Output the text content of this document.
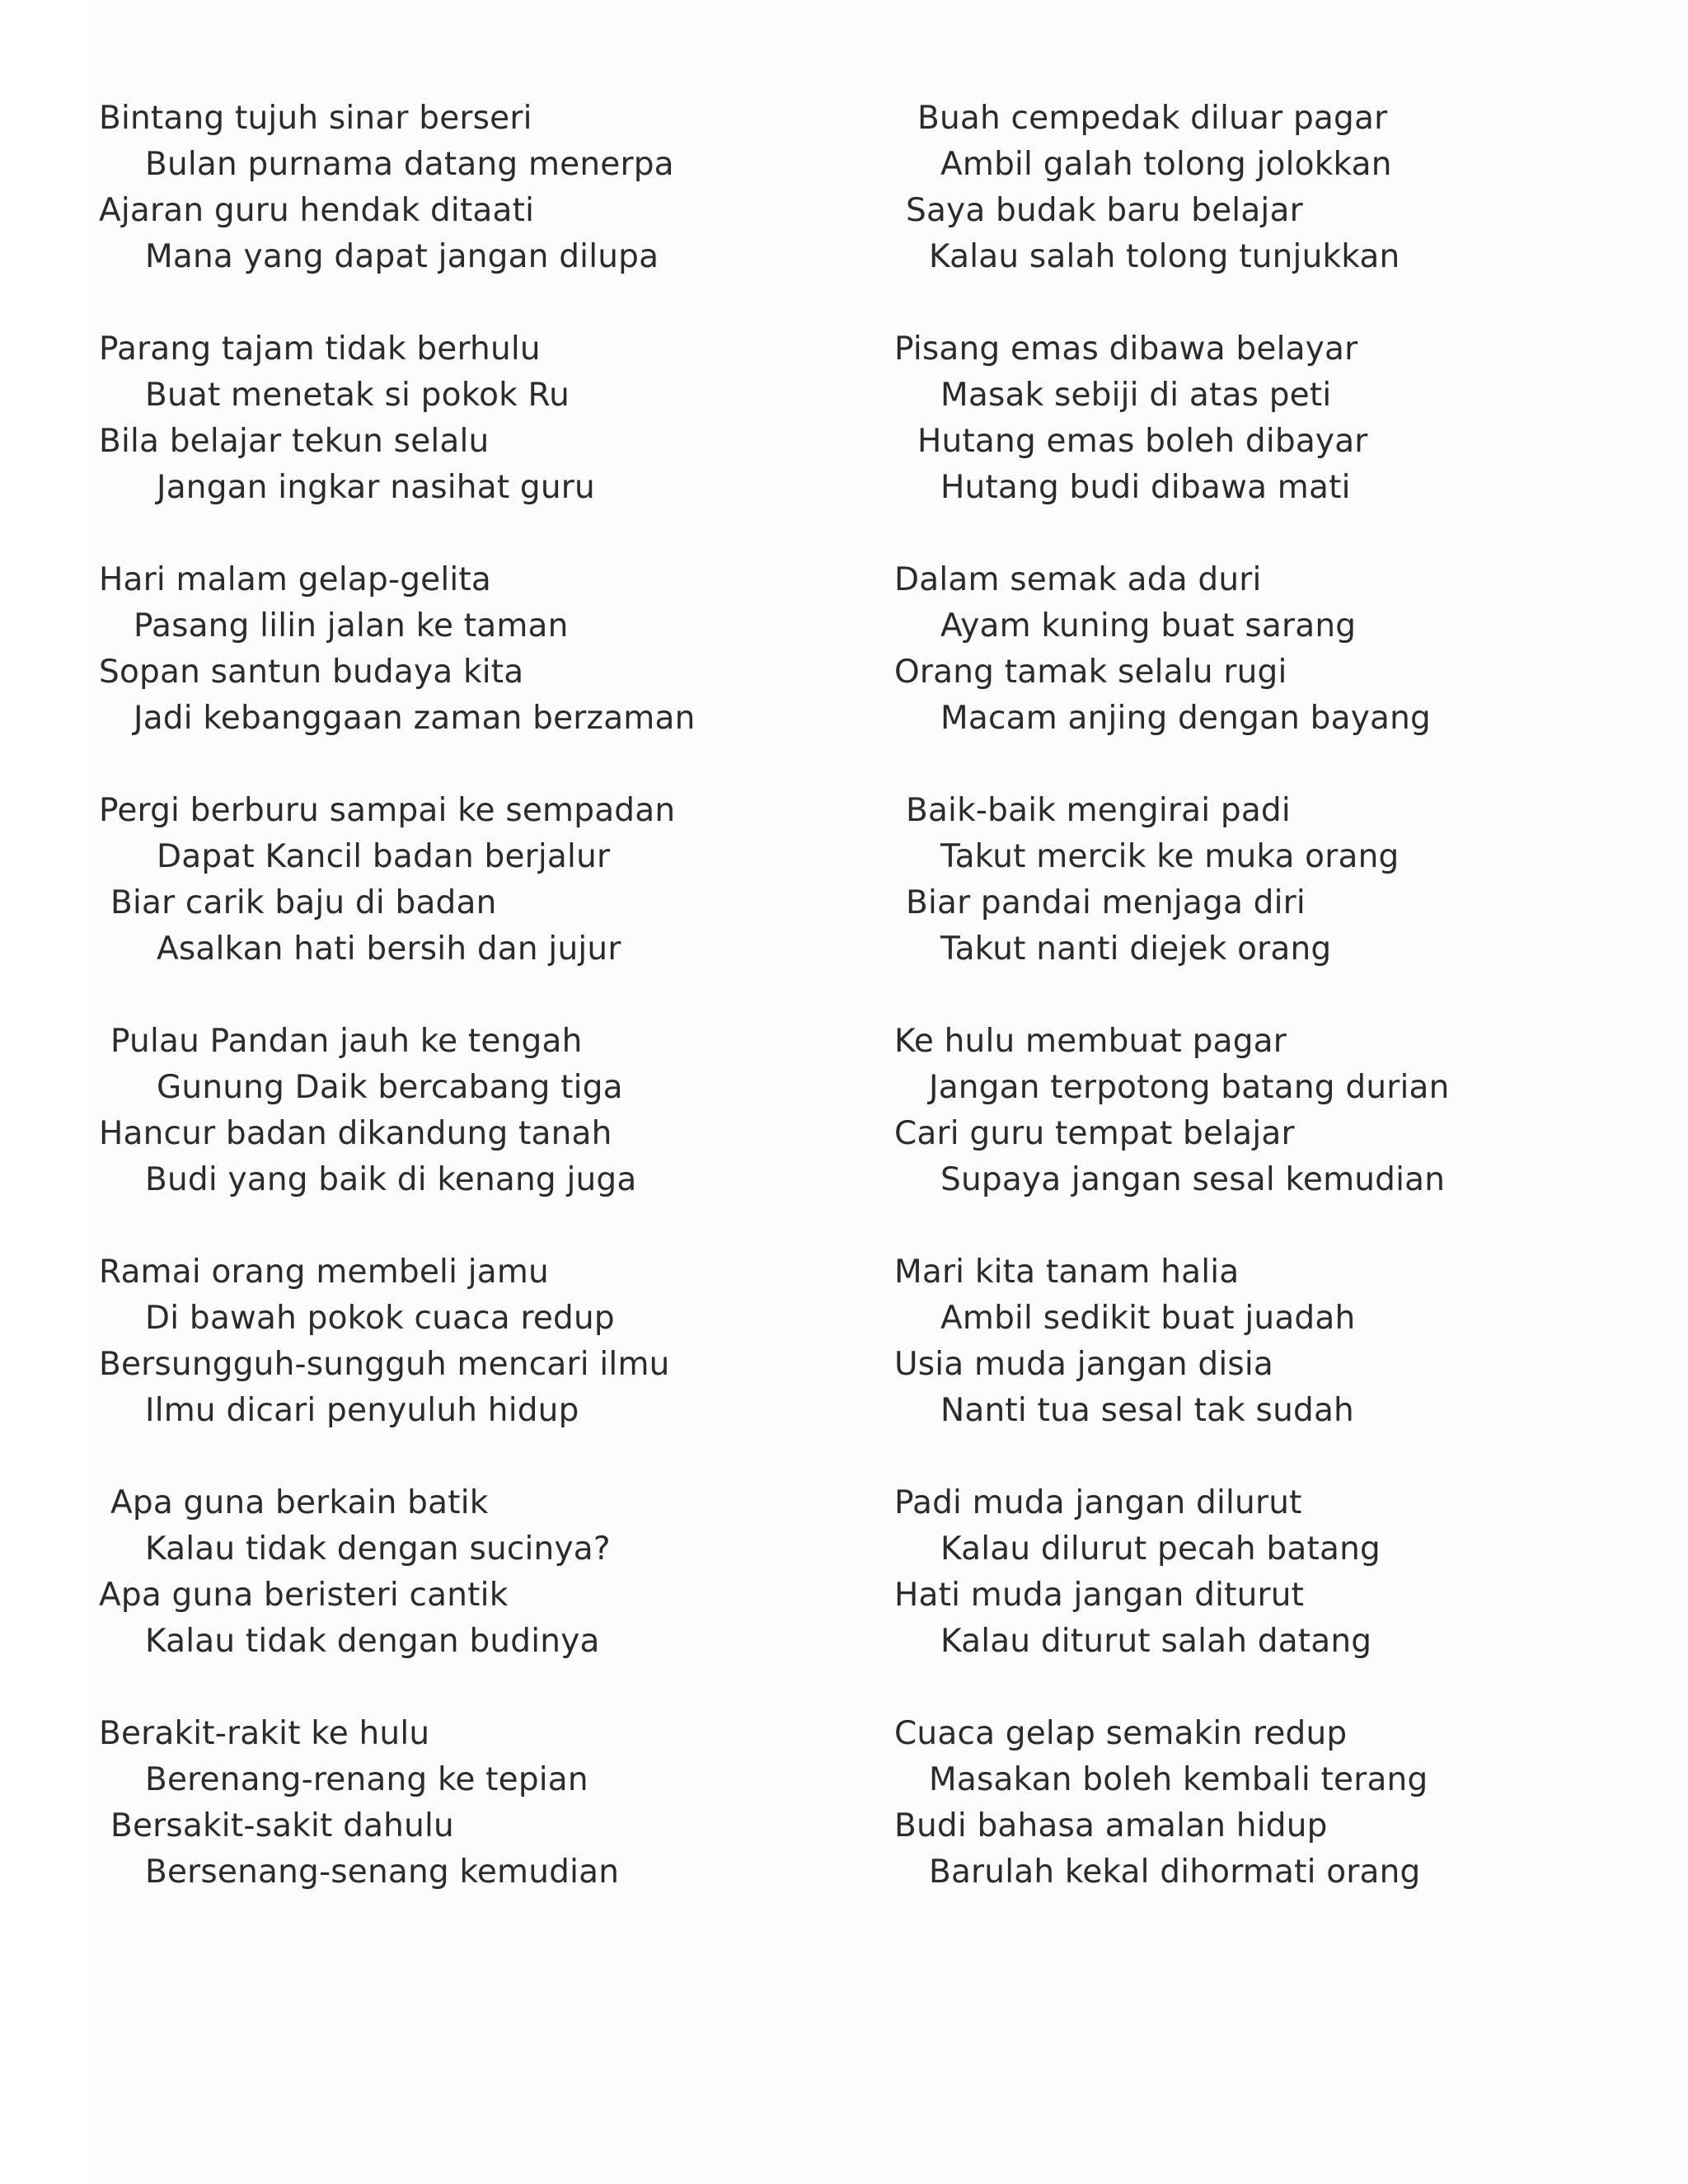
Bintang tujuh sinar berseri
Bulan purnama datang menerpa
Ajaran guru hendak ditaati
Mana yang dapat jangan dilupa
Parang tajam tidak berhulu
Buat menetak si pokok Ru
Bila belajar tekun selalu
Jangan ingkar nasihat guru
Hari malam gelap-gelita
Pasang lilin jalan ke taman
Sopan santun budaya kita
Jadi kebanggaan zaman berzaman
Pergi berburu sampai ke sempadan
Dapat Kancil badan berjalur
Biar carik baju di badan
Asalkan hati bersih dan jujur
Pulau Pandan jauh ke tengah
Gunung Daik bercabang tiga
Hancur badan dikandung tanah
Budi yang baik di kenang juga
Ramai orang membeli jamu
Di bawah pokok cuaca redup
Bersungguh-sungguh mencari ilmu
Ilmu dicari penyuluh hidup
Apa guna berkain batik
Kalau tidak dengan sucinya?
Apa guna beristeri cantik
Kalau tidak dengan budinya
Berakit-rakit ke hulu
Berenang-renang ke tepian
Bersakit-sakit dahulu
Bersenang-senang kemudian
Buah cempedak diluar pagar
Ambil galah tolong jolokkan
Saya budak baru belajar
Kalau salah tolong tunjukkan
Pisang emas dibawa belayar
Masak sebiji di atas peti
Hutang emas boleh dibayar
Hutang budi dibawa mati
Dalam semak ada duri
Ayam kuning buat sarang
Orang tamak selalu rugi
Macam anjing dengan bayang
Baik-baik mengirai padi
Takut mercik ke muka orang
Biar pandai menjaga diri
Takut nanti diejek orang
Ke hulu membuat pagar
Jangan terpotong batang durian
Cari guru tempat belajar
Supaya jangan sesal kemudian
Mari kita tanam halia
Ambil sedikit buat juadah
Usia muda jangan disia
Nanti tua sesal tak sudah
Padi muda jangan dilurut
Kalau dilurut pecah batang
Hati muda jangan diturut
Kalau diturut salah datang
Cuaca gelap semakin redup
Masakan boleh kembali terang
Budi bahasa amalan hidup
Barulah kekal dihormati orang
